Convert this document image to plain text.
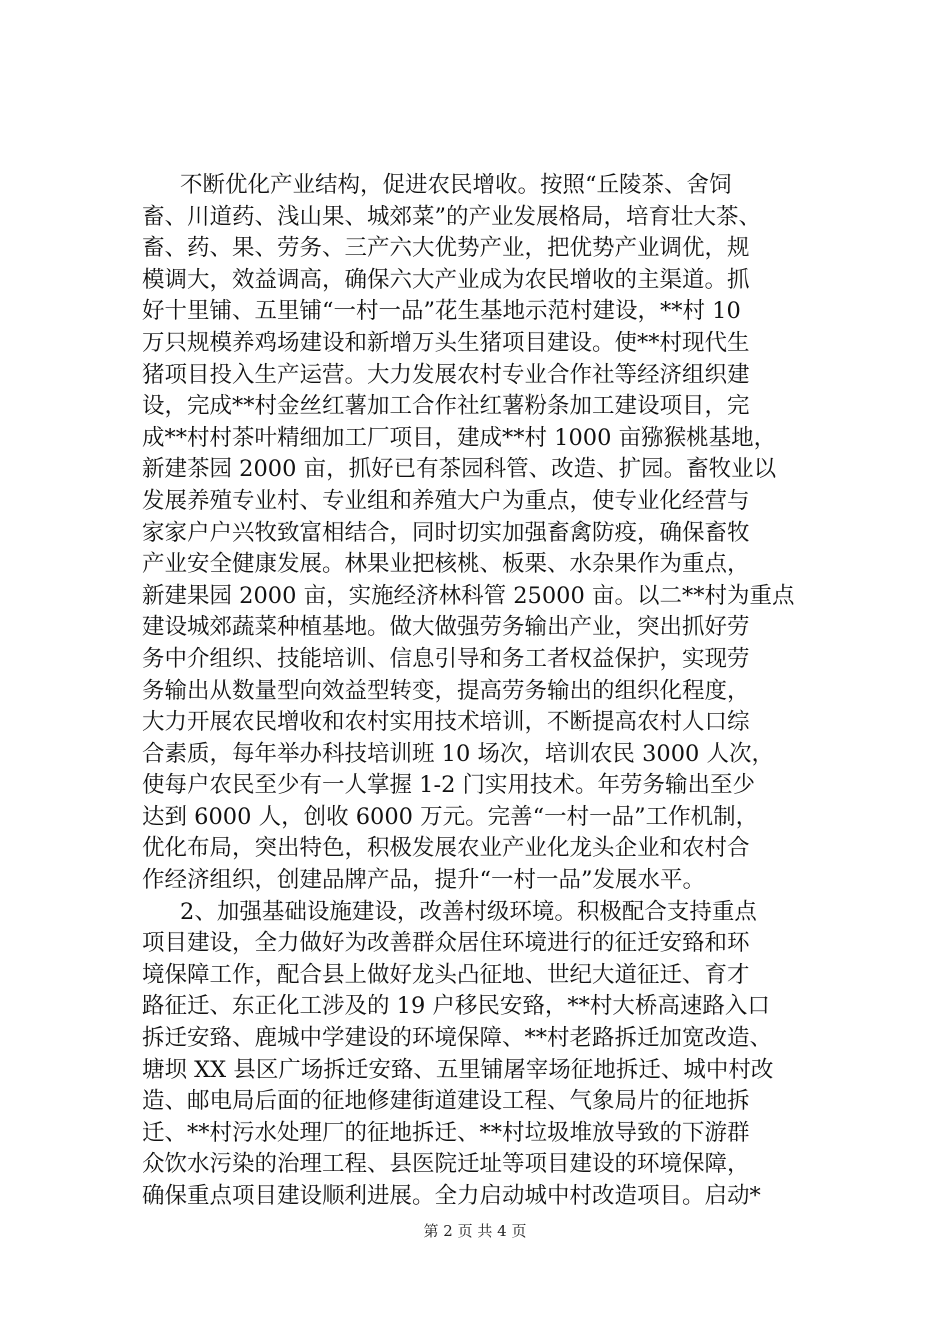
不断优化产业结构，促进农民增收。按照“丘陵茶、舍饲
畜、川道药、浅山果、城郊菜”的产业发展格局，培育壮大茶、
畜、药、果、劳务、三产六大优势产业，把优势产业调优，规
模调大，效益调高，确保六大产业成为农民增收的主渠道。抓
好十里铺、五里铺“一村一品”花生基地示范村建设，**村 10
万只规模养鸡场建设和新增万头生猪项目建设。使**村现代生
猪项目投入生产运营。大力发展农村专业合作社等经济组织建
设，完成**村金丝红薯加工合作社红薯粉条加工建设项目，完
成**村村茶叶精细加工厂项目，建成**村 1000 亩猕猴桃基地，
新建茶园 2000 亩，抓好已有茶园科管、改造、扩园。畜牧业以
发展养殖专业村、专业组和养殖大户为重点，使专业化经营与
家家户户兴牧致富相结合，同时切实加强畜禽防疫，确保畜牧
产业安全健康发展。林果业把核桃、板栗、水杂果作为重点，
新建果园 2000 亩，实施经济林科管 25000 亩。以二**村为重点
建设城郊蔬菜种植基地。做大做强劳务输出产业，突出抓好劳
务中介组织、技能培训、信息引导和务工者权益保护，实现劳
务输出从数量型向效益型转变，提高劳务输出的组织化程度，
大力开展农民增收和农村实用技术培训，不断提高农村人口综
合素质，每年举办科技培训班 10 场次，培训农民 3000 人次，
使每户农民至少有一人掌握 1-2 门实用技术。年劳务输出至少
达到 6000 人，创收 6000 万元。完善“一村一品”工作机制，
优化布局，突出特色，积极发展农业产业化龙头企业和农村合
作经济组织，创建品牌产品，提升“一村一品”发展水平。
2、加强基础设施建设，改善村级环境。积极配合支持重点
项目建设，全力做好为改善群众居住环境进行的征迁安臵和环
境保障工作，配合县上做好龙头凸征地、世纪大道征迁、育才
路征迁、东正化工涉及的 19 户移民安臵，**村大桥高速路入口
拆迁安臵、鹿城中学建设的环境保障、**村老路拆迁加宽改造、
塘坝 XX 县区广场拆迁安臵、五里铺屠宰场征地拆迁、城中村改
造、邮电局后面的征地修建街道建设工程、气象局片的征地拆
迁、**村污水处理厂的征地拆迁、**村垃圾堆放导致的下游群
众饮水污染的治理工程、县医院迁址等项目建设的环境保障，
确保重点项目建设顺利进展。全力启动城中村改造项目。启动*
第 2 页 共 4 页
